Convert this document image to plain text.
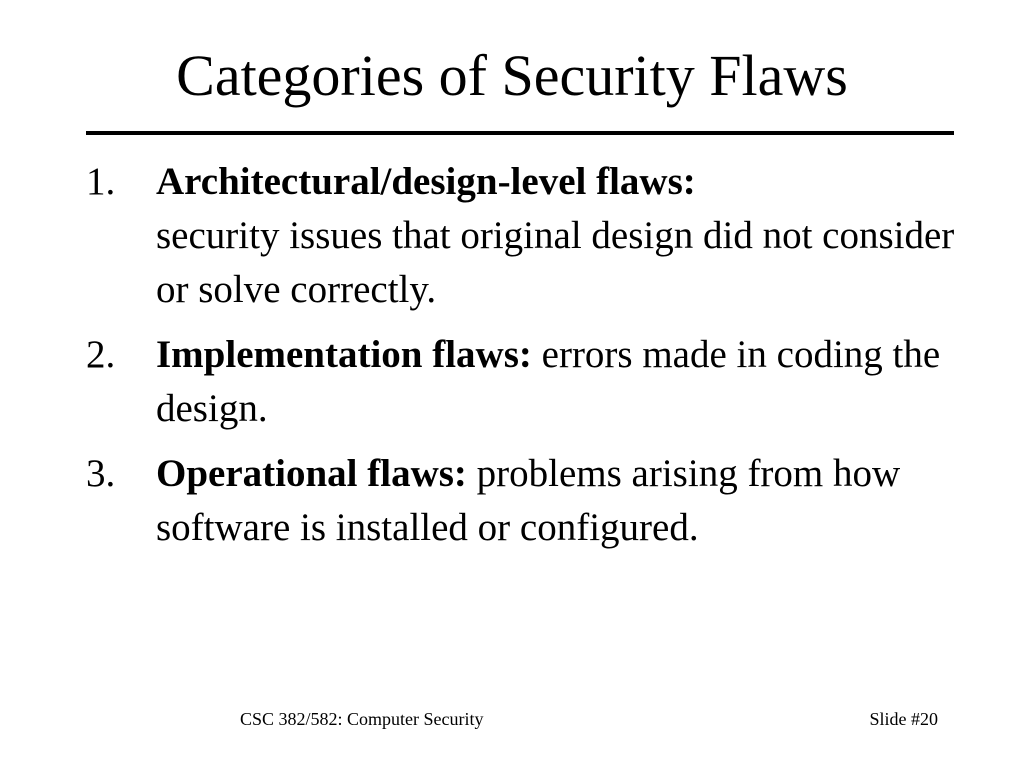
Categories of Security Flaws
1. Architectural/design-level flaws:
security issues that original design did not consider or solve correctly.
2. Implementation flaws: errors made in coding the design.
3. Operational flaws: problems arising from how software is installed or configured.
CSC 382/582: Computer Security	Slide #20
